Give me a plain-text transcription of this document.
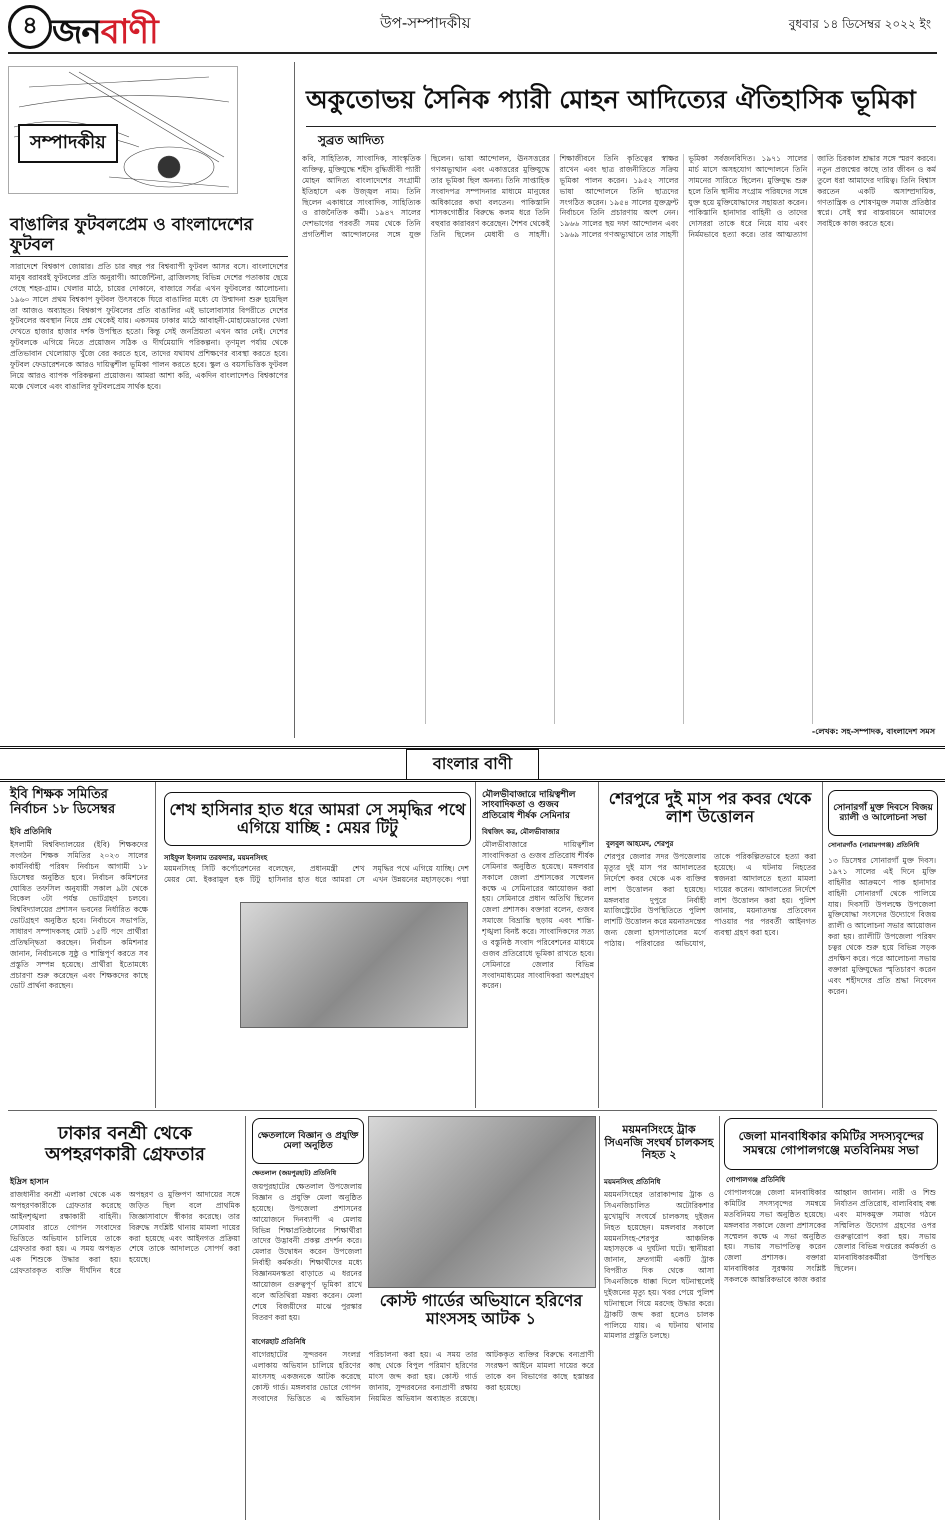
৪ জনবাণী	উপ-সম্পাদকীয়	বুধবার ১৪ ডিসেম্বর ২০২২ ইং
সম্পাদকীয়
বাঙালির ফুটবলপ্রেম ও বাংলাদেশের ফুটবল
সারাদেশে বিশ্বকাপ জোয়ার। প্রতি চার বছর পর বিশ্বব্যাপী ফুটবল আসর বসে। বাংলাদেশের মানুষ বরাবরই ফুটবলের প্রতি অনুরাগী। আর্জেন্টিনা, ব্রাজিলসহ বিভিন্ন দেশের পতাকায় ছেয়ে গেছে শহর-গ্রাম। খেলার মাঠে, চায়ের দোকানে, বাজারে সর্বত্র এখন ফুটবলের আলোচনা। ১৯৬০ সালে প্রথম বিশ্বকাপ ফুটবল উৎসবকে ঘিরে বাঙালির মধ্যে যে উন্মাদনা শুরু হয়েছিল তা আজও অব্যাহত। বিশ্বকাপ ফুটবলের প্রতি বাঙালির এই ভালোবাসার বিপরীতে দেশের ফুটবলের অবস্থান নিয়ে প্রশ্ন থেকেই যায়। একসময় ঢাকার মাঠে আবাহনী-মোহামেডানের খেলা দেখতে হাজার হাজার দর্শক উপস্থিত হতো। কিন্তু সেই জনপ্রিয়তা এখন আর নেই। দেশের ফুটবলকে এগিয়ে নিতে প্রয়োজন সঠিক ও দীর্ঘমেয়াদি পরিকল্পনা। তৃণমূল পর্যায় থেকে প্রতিভাবান খেলোয়াড় খুঁজে বের করতে হবে, তাদের যথাযথ প্রশিক্ষণের ব্যবস্থা করতে হবে। ফুটবল ফেডারেশনকে আরও দায়িত্বশীল ভূমিকা পালন করতে হবে। স্কুল ও বয়সভিত্তিক ফুটবল নিয়ে আরও ব্যাপক পরিকল্পনা প্রয়োজন। আমরা আশা করি, একদিন বাংলাদেশও বিশ্বকাপের মঞ্চে খেলবে এবং বাঙালির ফুটবলপ্রেম সার্থক হবে।
অকুতোভয় সৈনিক প্যারী মোহন আদিত্যের ঐতিহাসিক ভূমিকা
সুব্রত আদিত্য
কবি, সাহিত্যিক, সাংবাদিক, সাংস্কৃতিক ব্যক্তিত্ব, মুক্তিযুদ্ধে শহীদ বুদ্ধিজীবী প্যারী মোহন আদিত্য বাংলাদেশের সংগ্রামী ইতিহাসে এক উজ্জ্বল নাম। তিনি ছিলেন একাধারে সাংবাদিক, সাহিত্যিক ও রাজনৈতিক কর্মী। ১৯৪৭ সালের দেশভাগের পরবর্তী সময় থেকে তিনি প্রগতিশীল আন্দোলনের সঙ্গে যুক্ত ছিলেন। ভাষা আন্দোলন, ঊনসত্তরের গণঅভ্যুত্থান এবং একাত্তরের মুক্তিযুদ্ধে তার ভূমিকা ছিল অনন্য। তিনি সাপ্তাহিক সংবাদপত্র সম্পাদনার মাধ্যমে মানুষের অধিকারের কথা বলতেন। পাকিস্তানি শাসকগোষ্ঠীর বিরুদ্ধে কলম ধরে তিনি বহুবার কারাবরণ করেছেন। শৈশব থেকেই তিনি ছিলেন মেধাবী ও সাহসী। শিক্ষাজীবনে তিনি কৃতিত্বের স্বাক্ষর রাখেন এবং ছাত্র রাজনীতিতে সক্রিয় ভূমিকা পালন করেন। ১৯৫২ সালের ভাষা আন্দোলনে তিনি ছাত্রদের সংগঠিত করেন। ১৯৫৪ সালের যুক্তফ্রন্ট নির্বাচনে তিনি প্রচারণায় অংশ নেন। ১৯৬৬ সালের ছয় দফা আন্দোলন এবং ১৯৬৯ সালের গণঅভ্যুত্থানে তার সাহসী ভূমিকা সর্বজনবিদিত। ১৯৭১ সালের মার্চ মাসে অসহযোগ আন্দোলনে তিনি সামনের সারিতে ছিলেন। মুক্তিযুদ্ধ শুরু হলে তিনি স্থানীয় সংগ্রাম পরিষদের সঙ্গে যুক্ত হয়ে মুক্তিযোদ্ধাদের সহায়তা করেন। পাকিস্তানি হানাদার বাহিনী ও তাদের দোসররা তাকে ধরে নিয়ে যায় এবং নির্মমভাবে হত্যা করে। তার আত্মত্যাগ জাতি চিরকাল শ্রদ্ধার সঙ্গে স্মরণ করবে। নতুন প্রজন্মের কাছে তার জীবন ও কর্ম তুলে ধরা আমাদের দায়িত্ব। তিনি বিশ্বাস করতেন একটি অসাম্প্রদায়িক, গণতান্ত্রিক ও শোষণমুক্ত সমাজ প্রতিষ্ঠার স্বপ্নে। সেই স্বপ্ন বাস্তবায়নে আমাদের সবাইকে কাজ করতে হবে।
-লেখক: সহ-সম্পাদক, বাংলাদেশ সমস
বাংলার বাণী
ইবি শিক্ষক সমিতির নির্বাচন ১৮ ডিসেম্বর
ইবি প্রতিনিধি
ইসলামী বিশ্ববিদ্যালয়ের (ইবি) শিক্ষকদের সংগঠন শিক্ষক সমিতির ২০২৩ সালের কার্যনির্বাহী পরিষদ নির্বাচন আগামী ১৮ ডিসেম্বর অনুষ্ঠিত হবে। নির্বাচন কমিশনের ঘোষিত তফসিল অনুযায়ী সকাল ৯টা থেকে বিকেল ৩টা পর্যন্ত ভোটগ্রহণ চলবে। বিশ্ববিদ্যালয়ের প্রশাসন ভবনের নির্ধারিত কক্ষে ভোটগ্রহণ অনুষ্ঠিত হবে। নির্বাচনে সভাপতি, সাধারণ সম্পাদকসহ মোট ১৫টি পদে প্রার্থীরা প্রতিদ্বন্দ্বিতা করছেন। নির্বাচন কমিশনার জানান, নির্বাচনকে সুষ্ঠু ও শান্তিপূর্ণ করতে সব প্রস্তুতি সম্পন্ন হয়েছে। প্রার্থীরা ইতোমধ্যে প্রচারণা শুরু করেছেন এবং শিক্ষকদের কাছে ভোট প্রার্থনা করছেন।
শেখ হাসিনার হাত ধরে আমরা সে সমৃদ্ধির পথে এগিয়ে যাচ্ছি : মেয়র টিটু
সাইফুল ইসলাম তরফদার, ময়মনসিংহ
ময়মনসিংহ সিটি কর্পোরেশনের মেয়র মো. ইকরামুল হক টিটু বলেছেন, প্রধানমন্ত্রী শেখ হাসিনার হাত ধরে আমরা সে সমৃদ্ধির পথে এগিয়ে যাচ্ছি। দেশ এখন উন্নয়নের মহাসড়কে। পদ্মা
মৌলভীবাজারে দায়িত্বশীল সাংবাদিকতা ও গুজব প্রতিরোধ শীর্ষক সেমিনার
বিশ্বজিৎ কর, মৌলভীবাজার
মৌলভীবাজারে দায়িত্বশীল সাংবাদিকতা ও গুজব প্রতিরোধ শীর্ষক সেমিনার অনুষ্ঠিত হয়েছে। মঙ্গলবার সকালে জেলা প্রশাসকের সম্মেলন কক্ষে এ সেমিনারের আয়োজন করা হয়। সেমিনারে প্রধান অতিথি ছিলেন জেলা প্রশাসক। বক্তারা বলেন, গুজব সমাজে বিভ্রান্তি ছড়ায় এবং শান্তি-শৃঙ্খলা বিনষ্ট করে। সাংবাদিকদের সত্য ও বস্তুনিষ্ঠ সংবাদ পরিবেশনের মাধ্যমে গুজব প্রতিরোধে ভূমিকা রাখতে হবে। সেমিনারে জেলার বিভিন্ন সংবাদমাধ্যমের সাংবাদিকরা অংশগ্রহণ করেন।
শেরপুরে দুই মাস পর কবর থেকে লাশ উত্তোলন
বুলবুল আহমেদ, শেরপুর
শেরপুর জেলার সদর উপজেলায় মৃত্যুর দুই মাস পর আদালতের নির্দেশে কবর থেকে এক ব্যক্তির লাশ উত্তোলন করা হয়েছে। মঙ্গলবার দুপুরে নির্বাহী ম্যাজিস্ট্রেটের উপস্থিতিতে পুলিশ লাশটি উত্তোলন করে ময়নাতদন্তের জন্য জেলা হাসপাতালের মর্গে পাঠায়। পরিবারের অভিযোগ, তাকে পরিকল্পিতভাবে হত্যা করা হয়েছে। এ ঘটনায় নিহতের স্বজনরা আদালতে হত্যা মামলা দায়ের করেন। আদালতের নির্দেশে লাশ উত্তোলন করা হয়। পুলিশ জানায়, ময়নাতদন্ত প্রতিবেদন পাওয়ার পর পরবর্তী আইনগত ব্যবস্থা গ্রহণ করা হবে।
সোনারগাঁ মুক্ত দিবসে বিজয় র‍্যালী ও আলোচনা সভা
সোনারগাঁও (নারায়ণগঞ্জ) প্রতিনিধি
১৩ ডিসেম্বর সোনারগাঁ মুক্ত দিবস। ১৯৭১ সালের এই দিনে মুক্তি বাহিনীর আক্রমণে পাক হানাদার বাহিনী সোনারগাঁ থেকে পালিয়ে যায়। দিবসটি উপলক্ষে উপজেলা মুক্তিযোদ্ধা সংসদের উদ্যোগে বিজয় র‍্যালী ও আলোচনা সভার আয়োজন করা হয়। র‍্যালীটি উপজেলা পরিষদ চত্বর থেকে শুরু হয়ে বিভিন্ন সড়ক প্রদক্ষিণ করে। পরে আলোচনা সভায় বক্তারা মুক্তিযুদ্ধের স্মৃতিচারণ করেন এবং শহীদদের প্রতি শ্রদ্ধা নিবেদন করেন।
ঢাকার বনশ্রী থেকে অপহরণকারী গ্রেফতার
ইদ্রিস হাসান
রাজধানীর বনশ্রী এলাকা থেকে এক অপহরণকারীকে গ্রেফতার করেছে আইনশৃঙ্খলা রক্ষাকারী বাহিনী। সোমবার রাতে গোপন সংবাদের ভিত্তিতে অভিযান চালিয়ে তাকে গ্রেফতার করা হয়। এ সময় অপহৃত এক শিশুকে উদ্ধার করা হয়। গ্রেফতারকৃত ব্যক্তি দীর্ঘদিন ধরে অপহরণ ও মুক্তিপণ আদায়ের সঙ্গে জড়িত ছিল বলে প্রাথমিক জিজ্ঞাসাবাদে স্বীকার করেছে। তার বিরুদ্ধে সংশ্লিষ্ট থানায় মামলা দায়ের করা হয়েছে এবং আইনগত প্রক্রিয়া শেষে তাকে আদালতে সোপর্দ করা হয়েছে।
ক্ষেতলালে বিজ্ঞান ও প্রযুক্তি মেলা অনুষ্ঠিত
ক্ষেতলাল (জয়পুরহাট) প্রতিনিধি
জয়পুরহাটের ক্ষেতলাল উপজেলায় বিজ্ঞান ও প্রযুক্তি মেলা অনুষ্ঠিত হয়েছে। উপজেলা প্রশাসনের আয়োজনে দিনব্যাপী এ মেলায় বিভিন্ন শিক্ষাপ্রতিষ্ঠানের শিক্ষার্থীরা তাদের উদ্ভাবনী প্রকল্প প্রদর্শন করে। মেলার উদ্বোধন করেন উপজেলা নির্বাহী কর্মকর্তা। শিক্ষার্থীদের মধ্যে বিজ্ঞানমনস্কতা বাড়াতে এ ধরনের আয়োজন গুরুত্বপূর্ণ ভূমিকা রাখে বলে অতিথিরা মন্তব্য করেন। মেলা শেষে বিজয়ীদের মাঝে পুরস্কার বিতরণ করা হয়।
কোস্ট গার্ডের অভিযানে হরিণের মাংসসহ আটক ১
বাগেরহাট প্রতিনিধি
বাগেরহাটের সুন্দরবন সংলগ্ন এলাকায় অভিযান চালিয়ে হরিণের মাংসসহ একজনকে আটক করেছে কোস্ট গার্ড। মঙ্গলবার ভোরে গোপন সংবাদের ভিত্তিতে এ অভিযান পরিচালনা করা হয়। এ সময় তার কাছ থেকে বিপুল পরিমাণ হরিণের মাংস জব্দ করা হয়। কোস্ট গার্ড জানায়, সুন্দরবনের বন্যপ্রাণী রক্ষায় নিয়মিত অভিযান অব্যাহত রয়েছে। আটককৃত ব্যক্তির বিরুদ্ধে বন্যপ্রাণী সংরক্ষণ আইনে মামলা দায়ের করে তাকে বন বিভাগের কাছে হস্তান্তর করা হয়েছে।
ময়মনসিংহে ট্রাক সিএনজি সংঘর্ষ চালকসহ নিহত ২
ময়মনসিংহ প্রতিনিধি
ময়মনসিংহের তারাকান্দায় ট্রাক ও সিএনজিচালিত অটোরিকশার মুখোমুখি সংঘর্ষে চালকসহ দুইজন নিহত হয়েছেন। মঙ্গলবার সকালে ময়মনসিংহ-শেরপুর আঞ্চলিক মহাসড়কে এ দুর্ঘটনা ঘটে। স্থানীয়রা জানান, দ্রুতগামী একটি ট্রাক বিপরীত দিক থেকে আসা সিএনজিকে ধাক্কা দিলে ঘটনাস্থলেই দুইজনের মৃত্যু হয়। খবর পেয়ে পুলিশ ঘটনাস্থলে গিয়ে মরদেহ উদ্ধার করে। ট্রাকটি জব্দ করা হলেও চালক পালিয়ে যায়। এ ঘটনায় থানায় মামলার প্রস্তুতি চলছে।
জেলা মানবাধিকার কমিটির সদস্যবৃন্দের সমন্বয়ে গোপালগঞ্জে মতবিনিময় সভা
গোপালগঞ্জ প্রতিনিধি
গোপালগঞ্জে জেলা মানবাধিকার কমিটির সদস্যবৃন্দের সমন্বয়ে মতবিনিময় সভা অনুষ্ঠিত হয়েছে। মঙ্গলবার সকালে জেলা প্রশাসকের সম্মেলন কক্ষে এ সভা অনুষ্ঠিত হয়। সভায় সভাপতিত্ব করেন জেলা প্রশাসক। বক্তারা মানবাধিকার সুরক্ষায় সংশ্লিষ্ট সকলকে আন্তরিকভাবে কাজ করার আহ্বান জানান। নারী ও শিশু নির্যাতন প্রতিরোধ, বাল্যবিবাহ বন্ধ এবং মাদকমুক্ত সমাজ গঠনে সম্মিলিত উদ্যোগ গ্রহণের ওপর গুরুত্বারোপ করা হয়। সভায় জেলার বিভিন্ন দপ্তরের কর্মকর্তা ও মানবাধিকারকর্মীরা উপস্থিত ছিলেন।
